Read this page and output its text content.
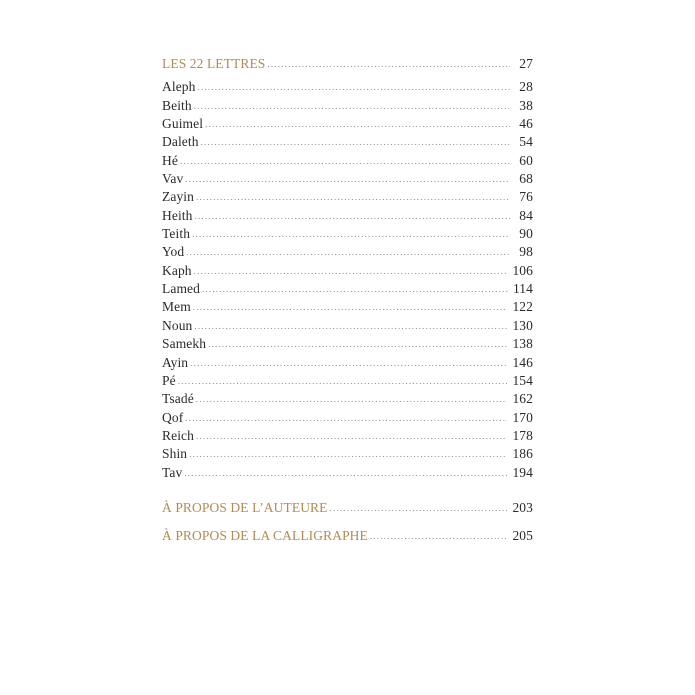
LES 22 LETTRES .....	27
Aleph .....	28
Beith .....	38
Guimel .....	46
Daleth .....	54
Hé .....	60
Vav .....	68
Zayin .....	76
Heith .....	84
Teith .....	90
Yod .....	98
Kaph .....	106
Lamed .....	114
Mem .....	122
Noun .....	130
Samekh .....	138
Ayin .....	146
Pé .....	154
Tsadé .....	162
Qof .....	170
Reich .....	178
Shin .....	186
Tav .....	194
À PROPOS DE L’AUTEURE .....	203
À PROPOS DE LA CALLIGRAPHE .....	205
